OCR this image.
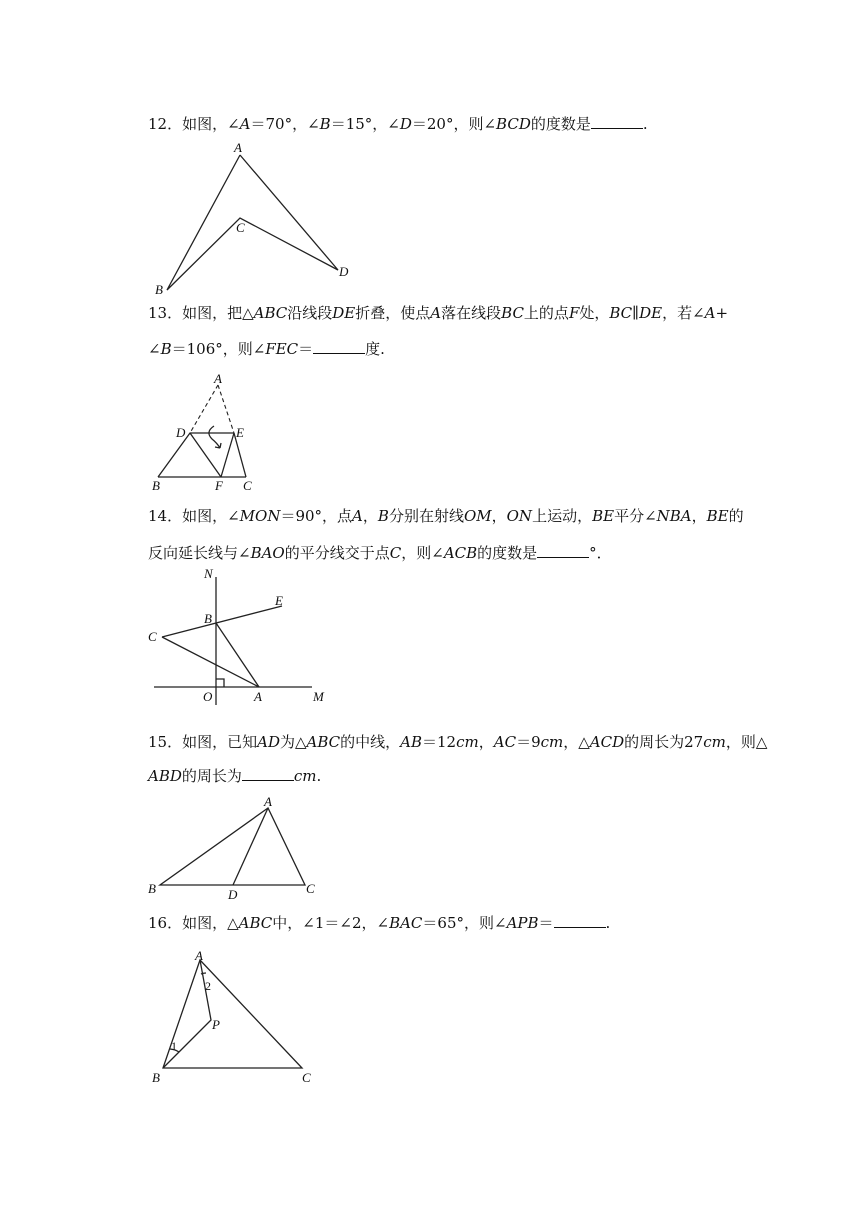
12．如图，∠A＝70°，∠B＝15°，∠D＝20°，则∠BCD的度数是	.
13．如图，把△ABC沿线段DE折叠，使点A落在线段BC上的点F处，BC∥DE，若∠A+
∠B＝106°，则∠FEC＝	度.
14．如图，∠MON＝90°，点A，B分别在射线OM，ON上运动，BE平分∠NBA，BE的
反向延长线与∠BAO的平分线交于点C，则∠ACB的度数是	°．
15．如图，已知AD为△ABC的中线，AB＝12cm，AC＝9cm，△ACD的周长为27cm，则△
ABD的周长为	cm.
16．如图，△ABC中，∠1＝∠2，∠BAC＝65°，则∠APB＝	.
A
B
C
D
A
B	C
D	E
F
N
E
B
C
O	A	M
A
B	C
D
A
B	C
P
1
2
